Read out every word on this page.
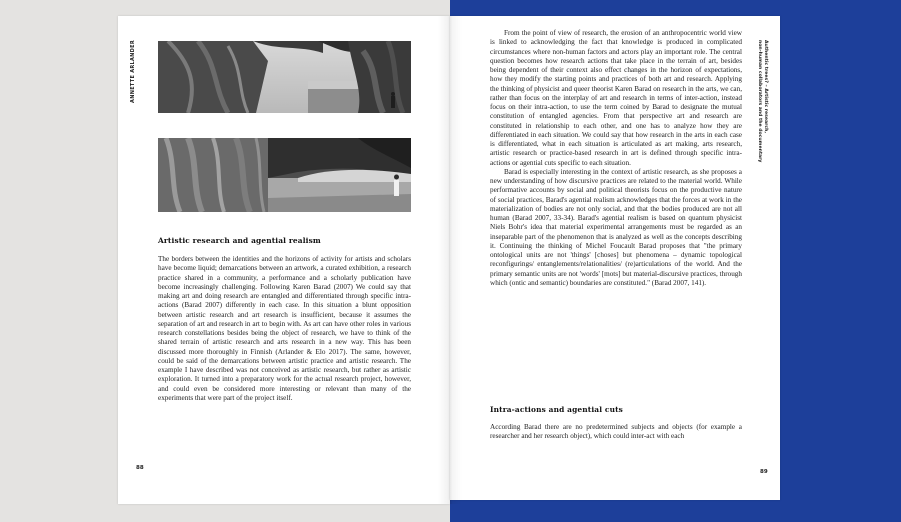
ANNETTE ARLANDER
Artistic research and agential realism

The borders between the identities and the horizons of activity for artists and scholars have become liquid; demarcations between an artwork, a curated exhibition, a research practice shared in a community, a performance and a scholarly publication have become increasingly challenging. Following Karen Barad (2007) We could say that making art and doing research are entangled and differentiated through specific intra-actions (Barad 2007) differently in each case. In this situation a blunt opposition between artistic research and art research is insufficient, because it assumes the separation of art and research in art to begin with. As art can have other roles in various research constellations besides being the object of research, we have to think of the shared terrain of artistic research and arts research in a new way. This has been discussed more thoroughly in Finnish (Arlander & Elo 2017). The same, however, could be said of the demarcations between artistic practice and artistic research. The example I have described was not conceived as artistic research, but rather as artistic exploration. It turned into a preparatory work for the actual research project, however, and could even be considered more interesting or relevant than many of the experiments that were part of the project itself.

88
Authentic trees? – Artistic research,
non-human collaborators and the documentary

From the point of view of research, the erosion of an anthropocentric world view is linked to acknowledging the fact that knowledge is produced in complicated circumstances where non-human factors and actors play an important role. The central question becomes how research actions that take place in the terrain of art, besides being dependent of their context also effect changes in the horizon of expectations, how they modify the starting points and practices of both art and research. Applying the thinking of physicist and queer theorist Karen Barad on research in the arts, we can, rather than focus on the interplay of art and research in terms of inter-action, instead focus on their intra-action, to use the term coined by Barad to designate the mutual constitution of entangled agencies. From that perspective art and research are constituted in relationship to each other, and one has to analyze how they are differentiated in each situation. We could say that how research in the arts in each case is differentiated, what in each situation is articulated as art making, arts research, artistic research or practice-based research in art is defined through specific intra-actions or agential cuts specific to each situation.

Barad is especially interesting in the context of artistic research, as she proposes a new understanding of how discursive practices are related to the material world. While performative accounts by social and political theorists focus on the productive nature of social practices, Barad's agential realism acknowledges that the forces at work in the materialization of bodies are not only social, and that the bodies produced are not all human (Barad 2007, 33-34). Barad's agential realism is based on quantum physicist Niels Bohr's idea that material experimental arrangements must be regarded as an inseparable part of the phenomenon that is analyzed as well as the concepts describing it. Continuing the thinking of Michel Foucault Barad proposes that "the primary ontological units are not 'things' [choses] but phenomena – dynamic topological reconfigurings/ entanglements/relationalities/ (re)articulations of the world. And the primary semantic units are not 'words' [mots] but material-discursive practices, through which (ontic and semantic) boundaries are constituted." (Barad 2007, 141).

Intra-actions and agential cuts

According Barad there are no predetermined subjects and objects (for example a researcher and her research object), which could inter-act with each

89
